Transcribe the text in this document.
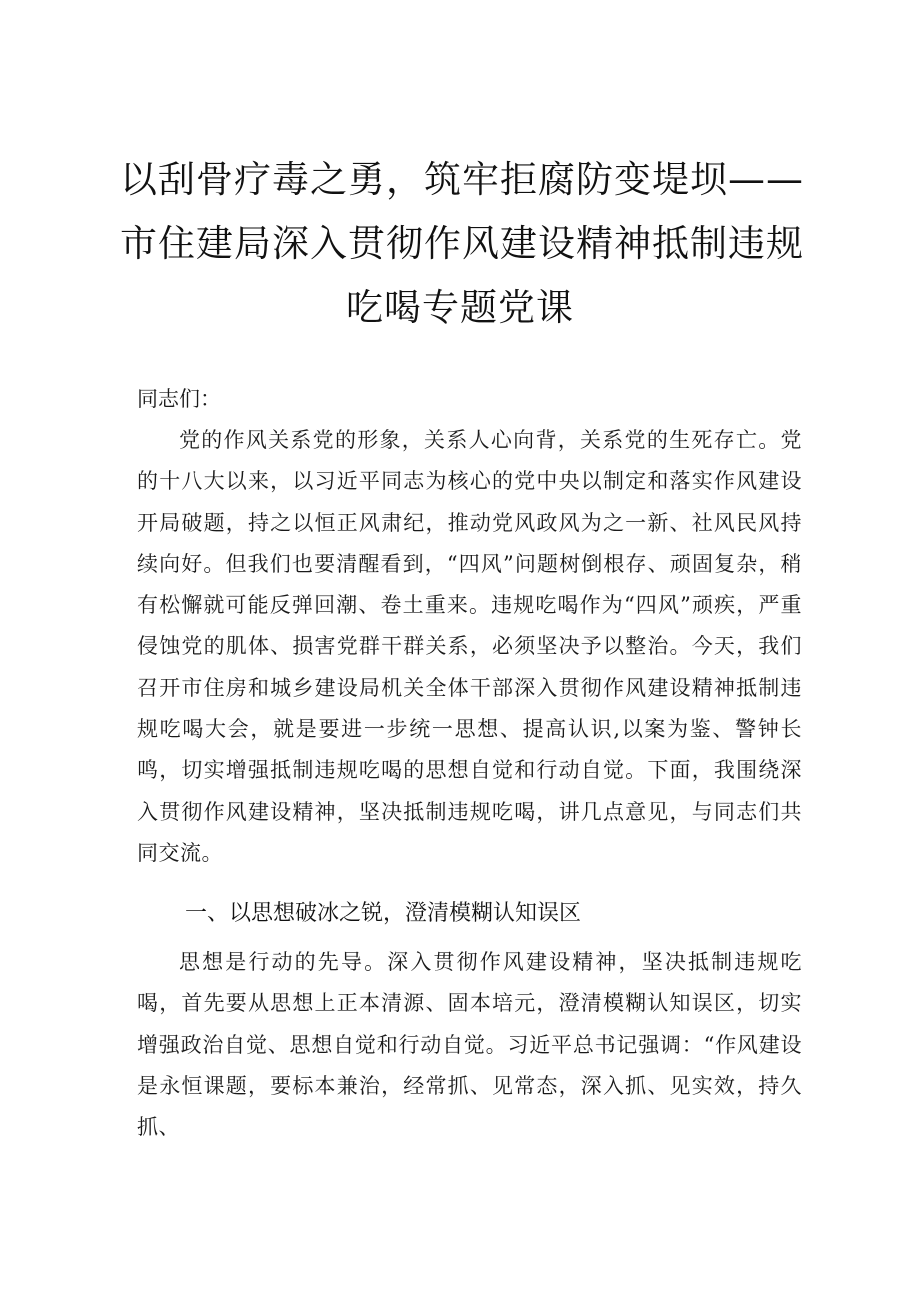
以刮骨疗毒之勇，筑牢拒腐防变堤坝——
市住建局深入贯彻作风建设精神抵制违规
吃喝专题党课
同志们：
党的作风关系党的形象，关系人心向背，关系党的生死存亡。党的十八大以来，以习近平同志为核心的党中央以制定和落实作风建设开局破题，持之以恒正风肃纪，推动党风政风为之一新、社风民风持续向好。但我们也要清醒看到，“四风”问题树倒根存、顽固复杂，稍有松懈就可能反弹回潮、卷土重来。违规吃喝作为“四风”顽疾，严重侵蚀党的肌体、损害党群干群关系，必须坚决予以整治。今天，我们召开市住房和城乡建设局机关全体干部深入贯彻作风建设精神抵制违规吃喝大会，就是要进一步统一思想、提高认识,以案为鉴、警钟长鸣，切实增强抵制违规吃喝的思想自觉和行动自觉。下面，我围绕深入贯彻作风建设精神，坚决抵制违规吃喝，讲几点意见，与同志们共同交流。
一、以思想破冰之锐，澄清模糊认知误区
思想是行动的先导。深入贯彻作风建设精神，坚决抵制违规吃喝，首先要从思想上正本清源、固本培元，澄清模糊认知误区，切实增强政治自觉、思想自觉和行动自觉。习近平总书记强调：“作风建设是永恒课题，要标本兼治，经常抓、见常态，深入抓、见实效，持久抓、
